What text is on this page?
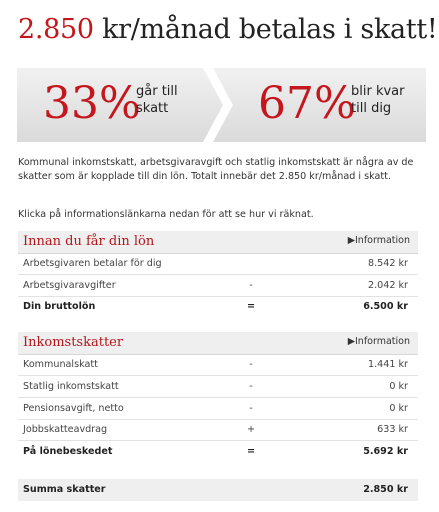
2.850 kr/månad betalas i skatt!
33%
går till
skatt 67%
blir kvar
till dig
Kommunal inkomstskatt, arbetsgivaravgift och statlig inkomstskatt är några av de skatter som är kopplade till din lön. Totalt innebär det 2.850 kr/månad i skatt.
Klicka på informationslänkarna nedan för att se hur vi räknat.
Innan du får din lön	▶Information
Arbetsgivaren betalar för dig	8.542 kr
Arbetsgivaravgifter	-	2.042 kr
Din bruttolön	=	6.500 kr
Inkomstskatter	▶Information
Kommunalskatt	-	1.441 kr
Statlig inkomstskatt	-	0 kr
Pensionsavgift, netto	-	0 kr
Jobbskatteavdrag	+	633 kr
På lönebeskedet	=	5.692 kr
Summa skatter	2.850 kr
